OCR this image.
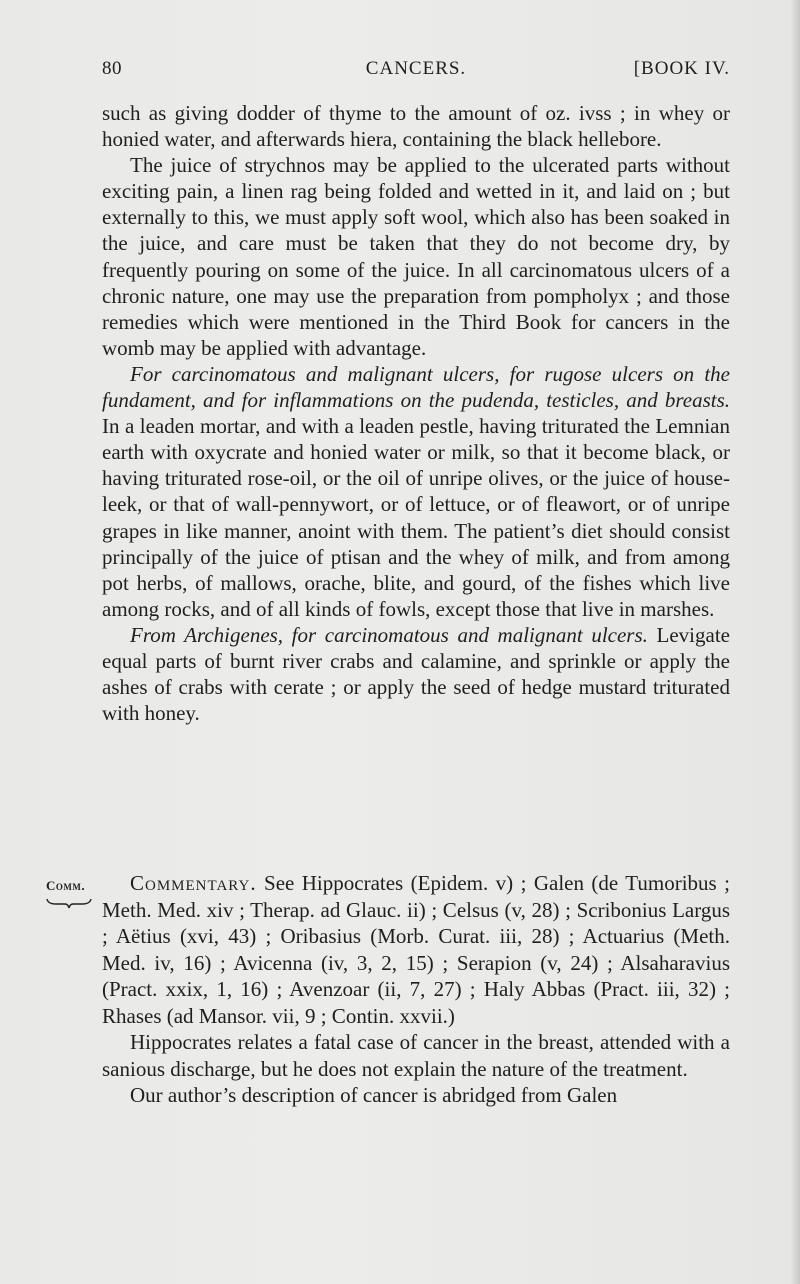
80	CANCERS.	[BOOK IV.

such as giving dodder of thyme to the amount of oz. ivss ; in whey or honied water, and afterwards hiera, containing the black hellebore.

The juice of strychnos may be applied to the ulcerated parts without exciting pain, a linen rag being folded and wetted in it, and laid on ; but externally to this, we must apply soft wool, which also has been soaked in the juice, and care must be taken that they do not become dry, by frequently pouring on some of the juice. In all carcinomatous ulcers of a chronic nature, one may use the preparation from pompholyx ; and those remedies which were mentioned in the Third Book for cancers in the womb may be applied with advantage.

For carcinomatous and malignant ulcers, for rugose ulcers on the fundament, and for inflammations on the pudenda, testicles, and breasts. In a leaden mortar, and with a leaden pestle, having triturated the Lemnian earth with oxycrate and honied water or milk, so that it become black, or having triturated rose-oil, or the oil of unripe olives, or the juice of house-leek, or that of wall-pennywort, or of lettuce, or of fleawort, or of unripe grapes in like manner, anoint with them. The patient’s diet should consist principally of the juice of ptisan and the whey of milk, and from among pot herbs, of mallows, orache, blite, and gourd, of the fishes which live among rocks, and of all kinds of fowls, except those that live in marshes.

From Archigenes, for carcinomatous and malignant ulcers. Levigate equal parts of burnt river crabs and calamine, and sprinkle or apply the ashes of crabs with cerate ; or apply the seed of hedge mustard triturated with honey.

Comm.	Commentary. See Hippocrates (Epidem. v) ; Galen (de Tumoribus ; Meth. Med. xiv ; Therap. ad Glauc. ii) ; Celsus (v, 28) ; Scribonius Largus ; Aëtius (xvi, 43) ; Oribasius (Morb. Curat. iii, 28) ; Actuarius (Meth. Med. iv, 16) ; Avicenna (iv, 3, 2, 15) ; Serapion (v, 24) ; Alsaharavius (Pract. xxix, 1, 16) ; Avenzoar (ii, 7, 27) ; Haly Abbas (Pract. iii, 32) ; Rhases (ad Mansor. vii, 9 ; Contin. xxvii.)

Hippocrates relates a fatal case of cancer in the breast, attended with a sanious discharge, but he does not explain the nature of the treatment.

Our author’s description of cancer is abridged from Galen
